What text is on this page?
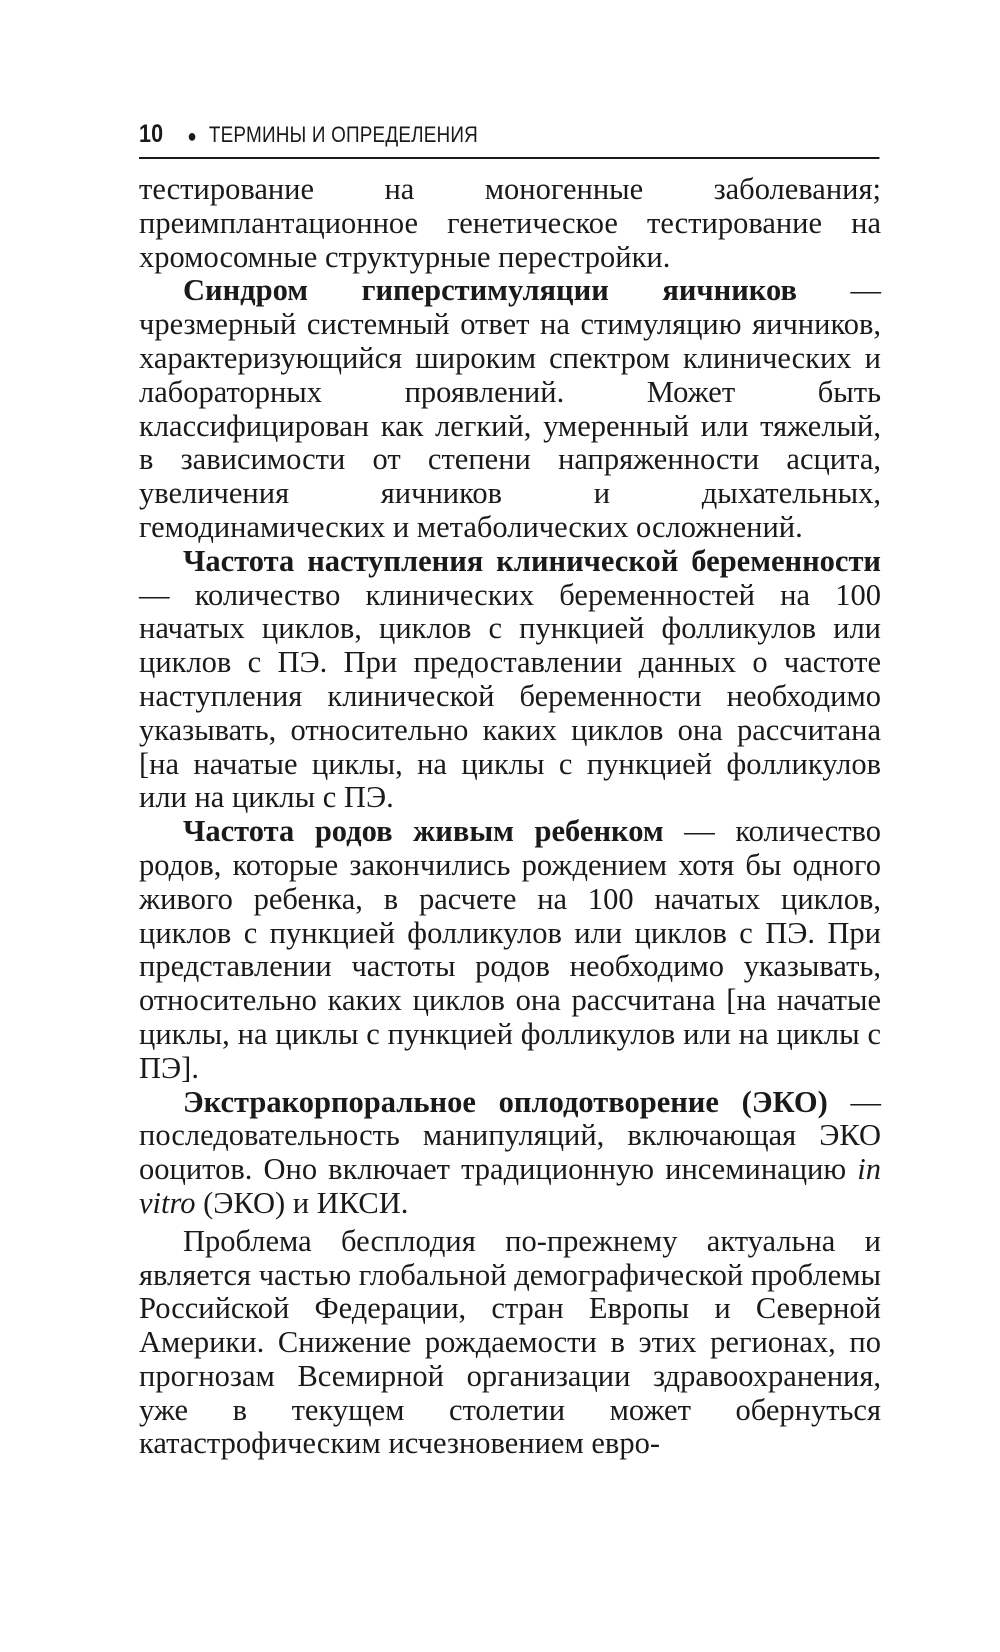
10 ● ТЕРМИНЫ И ОПРЕДЕЛЕНИЯ

тестирование на моногенные заболевания; преимплантационное генетическое тестирование на хромосомные структурные перестройки.

Синдром гиперстимуляции яичников — чрезмерный системный ответ на стимуляцию яичников, характеризующийся широким спектром клинических и лабораторных проявлений. Может быть классифицирован как легкий, умеренный или тяжелый, в зависимости от степени напряженности асцита, увеличения яичников и дыхательных, гемодинамических и метаболических осложнений.

Частота наступления клинической беременности — количество клинических беременностей на 100 начатых циклов, циклов с пункцией фолликулов или циклов с ПЭ. При предоставлении данных о частоте наступления клинической беременности необходимо указывать, относительно каких циклов она рассчитана [на начатые циклы, на циклы с пункцией фолликулов или на циклы с ПЭ.

Частота родов живым ребенком — количество родов, которые закончились рождением хотя бы одного живого ребенка, в расчете на 100 начатых циклов, циклов с пункцией фолликулов или циклов с ПЭ. При представлении частоты родов необходимо указывать, относительно каких циклов она рассчитана [на начатые циклы, на циклы с пункцией фолликулов или на циклы с ПЭ].

Экстракорпоральное оплодотворение (ЭКО) — последовательность манипуляций, включающая ЭКО ооцитов. Оно включает традиционную инсеминацию in vitro (ЭКО) и ИКСИ.

Проблема бесплодия по-прежнему актуальна и является частью глобальной демографической проблемы Российской Федерации, стран Европы и Северной Америки. Снижение рождаемости в этих регионах, по прогнозам Всемирной организации здравоохранения, уже в текущем столетии может обернуться катастрофическим исчезновением евро-
